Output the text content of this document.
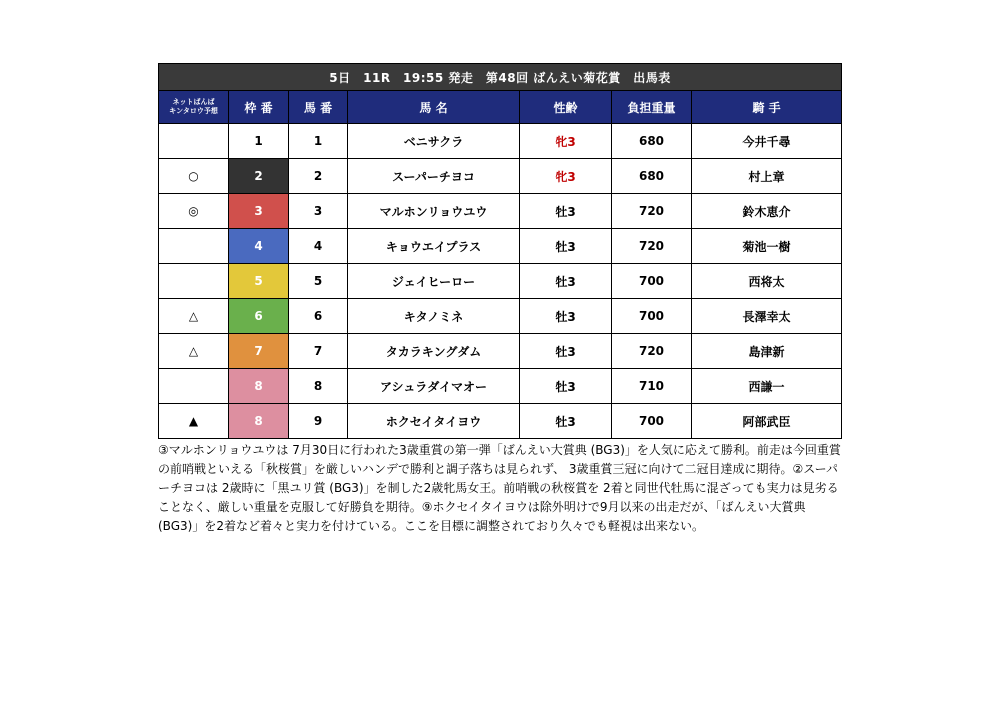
5日　11R　19:55 発走　第48回 ばんえい菊花賞　出馬表						

ネットばんば
キンタロウ予想	枠 番	馬 番	馬 名	性齢	負担重量	騎 手
	1	1	ベニサクラ	牝3	680	今井千尋
○	2	2	スーパーチヨコ	牝3	680	村上章
◎	3	3	マルホンリョウユウ	牡3	720	鈴木恵介
	4	4	キョウエイプラス	牡3	720	菊池一樹
	5	5	ジェイヒーロー	牡3	700	西将太
△	6	6	キタノミネ	牡3	700	長澤幸太
△	7	7	タカラキングダム	牡3	720	島津新
	8	8	アシュラダイマオー	牡3	710	西謙一
▲	8	9	ホクセイタイヨウ	牡3	700	阿部武臣
③マルホンリョウユウは 7月30日に行われた3歳重賞の第一弾「ばんえい大賞典 (BG3)」を人気に応えて勝利。前走は今回重賞の前哨戦といえる「秋桜賞」を厳しいハンデで勝利と調子落ちは見られず、 3歳重賞三冠に向けて二冠目達成に期待。②スーパーチヨコは 2歳時に「黒ユリ賞 (BG3)」を制した2歳牝馬女王。前哨戦の秋桜賞を 2着と同世代牡馬に混ざっても実力は見劣ることなく、厳しい重量を克服して好勝負を期待。⑨ホクセイタイヨウは除外明けで9月以来の出走だが、「ばんえい大賞典 (BG3)」を2着など着々と実力を付けている。ここを目標に調整されており久々でも軽視は出来ない。
